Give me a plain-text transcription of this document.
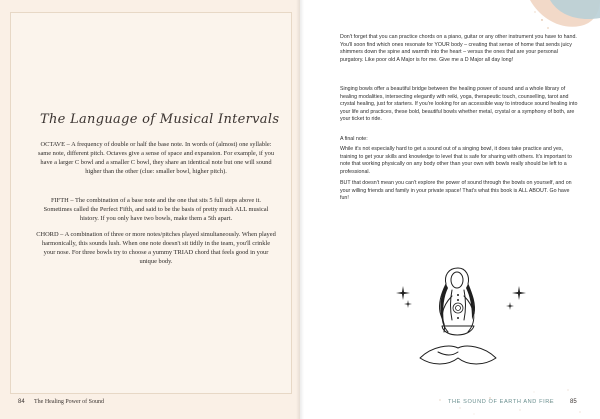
The Language of Musical Intervals
OCTAVE – A frequency of double or half the base note. In words of (almost) one syllable: same note, different pitch. Octaves give a sense of space and expansion. For example, if you have a larger C bowl and a smaller C bowl, they share an identical note but one will sound higher than the other (clue: smaller bowl, higher pitch).
FIFTH – The combination of a base note and the one that sits 5 full steps above it. Sometimes called the Perfect Fifth, and said to be the basis of pretty much ALL musical history. If you only have two bowls, make them a 5th apart.
CHORD – A combination of three or more notes/pitches played simultaneously. When played harmonically, this sounds lush. When one note doesn't sit tidily in the team, you'll crinkle your nose. For three bowls try to choose a yummy TRIAD chord that feels good in your unique body.
84 The Healing Power of Sound
Don't forget that you can practice chords on a piano, guitar or any other instrument you have to hand. You'll soon find which ones resonate for YOUR body – creating that sense of home that sends juicy shimmers down the spine and warmth into the heart – versus the ones that are your personal purgatory. Like poor old A Major is for me. Give me a D Major all day long!
Singing bowls offer a beautiful bridge between the healing power of sound and a whole library of healing modalities, intersecting elegantly with reiki, yoga, therapeutic touch, counselling, tarot and crystal healing, just for starters. If you're looking for an accessible way to introduce sound healing into your life and practices, these bold, beautiful bowls whether metal, crystal or a symphony of both, are your ticket to ride.
A final note:
While it's not especially hard to get a sound out of a singing bowl, it does take practice and yes, training to get your skills and knowledge to level that is safe for sharing with others. It's important to note that working physically on any body other than your own with bowls really should be left to a professional.
BUT that doesn't mean you can't explore the power of sound through the bowls on yourself, and on your willing friends and family in your private space! That's what this book is ALL ABOUT. Go have fun!
THE SOUND OF EARTH AND FIRE	85
